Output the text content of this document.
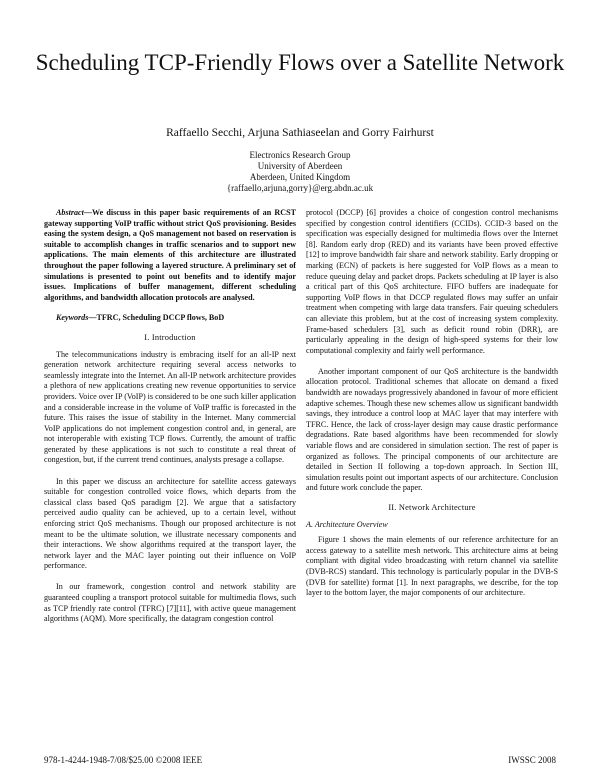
Scheduling TCP-Friendly Flows over a Satellite Network
Raffaello Secchi, Arjuna Sathiaseelan and Gorry Fairhurst
Electronics Research Group
University of Aberdeen
Aberdeen, United Kingdom
{raffaello,arjuna,gorry}@erg.abdn.ac.uk

Abstract—We discuss in this paper basic requirements of an RCST gateway supporting VoIP traffic without strict QoS provisioning. Besides easing the system design, a QoS management not based on reservation is suitable to accomplish changes in traffic scenarios and to support new applications. The main elements of this architecture are illustrated throughout the paper following a layered structure. A preliminary set of simulations is presented to point out benefits and to identify major issues. Implications of buffer management, different scheduling algorithms, and bandwidth allocation protocols are analysed.

Keywords—TFRC, Scheduling DCCP flows, BoD

I. Introduction

The telecommunications industry is embracing itself for an all-IP next generation network architecture requiring several access networks to seamlessly integrate into the Internet. An all-IP network architecture provides a plethora of new applications creating new revenue opportunities to service providers. Voice over IP (VoIP) is considered to be one such killer application and a considerable increase in the volume of VoIP traffic is forecasted in the future. This raises the issue of stability in the Internet. Many commercial VoIP applications do not implement congestion control and, in general, are not interoperable with existing TCP flows. Currently, the amount of traffic generated by these applications is not such to constitute a real threat of congestion, but, if the current trend continues, analysts presage a collapse.

In this paper we discuss an architecture for satellite access gateways suitable for congestion controlled voice flows, which departs from the classical class based QoS paradigm [2]. We argue that a satisfactory perceived audio quality can be achieved, up to a certain level, without enforcing strict QoS mechanisms. Though our proposed architecture is not meant to be the ultimate solution, we illustrate necessary components and their interactions. We show algorithms required at the transport layer, the network layer and the MAC layer pointing out their influence on VoIP performance.

In our framework, congestion control and network stability are guaranteed coupling a transport protocol suitable for multimedia flows, such as TCP friendly rate control (TFRC) [7][11], with active queue management algorithms (AQM). More specifically, the datagram congestion control

protocol (DCCP) [6] provides a choice of congestion control mechanisms specified by congestion control identifiers (CCIDs). CCID-3 based on the specification was especially designed for multimedia flows over the Internet [8]. Random early drop (RED) and its variants have been proved effective [12] to improve bandwidth fair share and network stability. Early dropping or marking (ECN) of packets is here suggested for VoIP flows as a mean to reduce queuing delay and packet drops. Packets scheduling at IP layer is also a critical part of this QoS architecture. FIFO buffers are inadequate for supporting VoIP flows in that DCCP regulated flows may suffer an unfair treatment when competing with large data transfers. Fair queuing schedulers can alleviate this problem, but at the cost of increasing system complexity. Frame-based schedulers [3], such as deficit round robin (DRR), are particularly appealing in the design of high-speed systems for their low computational complexity and fairly well performance.

Another important component of our QoS architecture is the bandwidth allocation protocol. Traditional schemes that allocate on demand a fixed bandwidth are nowadays progressively abandoned in favour of more efficient adaptive schemes. Though these new schemes allow us significant bandwidth savings, they introduce a control loop at MAC layer that may interfere with TFRC. Hence, the lack of cross-layer design may cause drastic performance degradations. Rate based algorithms have been recommended for slowly variable flows and are considered in simulation section. The rest of paper is organized as follows. The principal components of our architecture are detailed in Section II following a top-down approach. In Section III, simulation results point out important aspects of our architecture. Conclusion and future work conclude the paper.

II. Network Architecture
A. Architecture Overview

Figure 1 shows the main elements of our reference architecture for an access gateway to a satellite mesh network. This architecture aims at being compliant with digital video broadcasting with return channel via satellite (DVB-RCS) standard. This technology is particularly popular in the DVB-S (DVB for satellite) format [1]. In next paragraphs, we describe, for the top layer to the bottom layer, the major components of our architecture.

978-1-4244-1948-7/08/$25.00 ©2008 IEEE	IWSSC 2008
